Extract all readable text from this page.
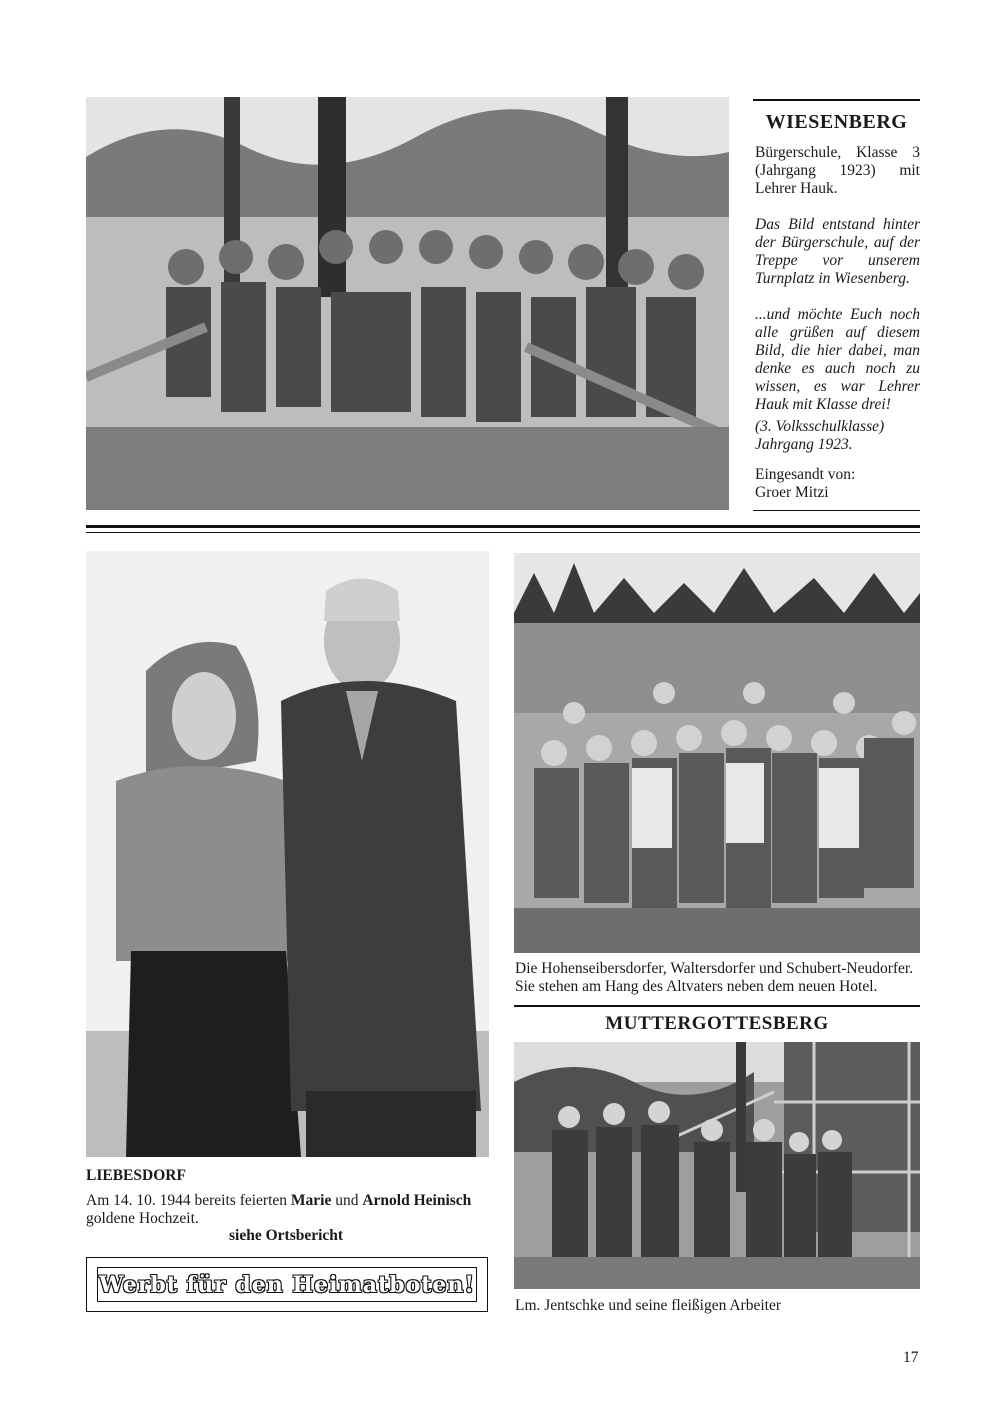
WIESENBERG

Bürgerschule, Klasse 3 (Jahrgang 1923) mit Lehrer Hauk.

Das Bild entstand hinter der Bürgerschule, auf der Treppe vor unserem Turnplatz in Wiesenberg.

...und möchte Euch noch alle grüßen auf diesem Bild, die hier dabei, man denke es auch noch zu wissen, es war Lehrer Hauk mit Klasse drei!

(3. Volksschulklasse) Jahrgang 1923.

Eingesandt von:

Groer Mitzi

LIEBESDORF
Am 14. 10. 1944 bereits feierten Marie und Arnold Heinisch goldene Hochzeit.
siehe Ortsbericht
Werbt für den Heimatboten!

Die Hohenseibersdorfer, Waltersdorfer und Schubert-Neudorfer.

Sie stehen am Hang des Altvaters neben dem neuen Hotel.

MUTTERGOTTESBERG
Lm. Jentschke und seine fleißigen Arbeiter
17
